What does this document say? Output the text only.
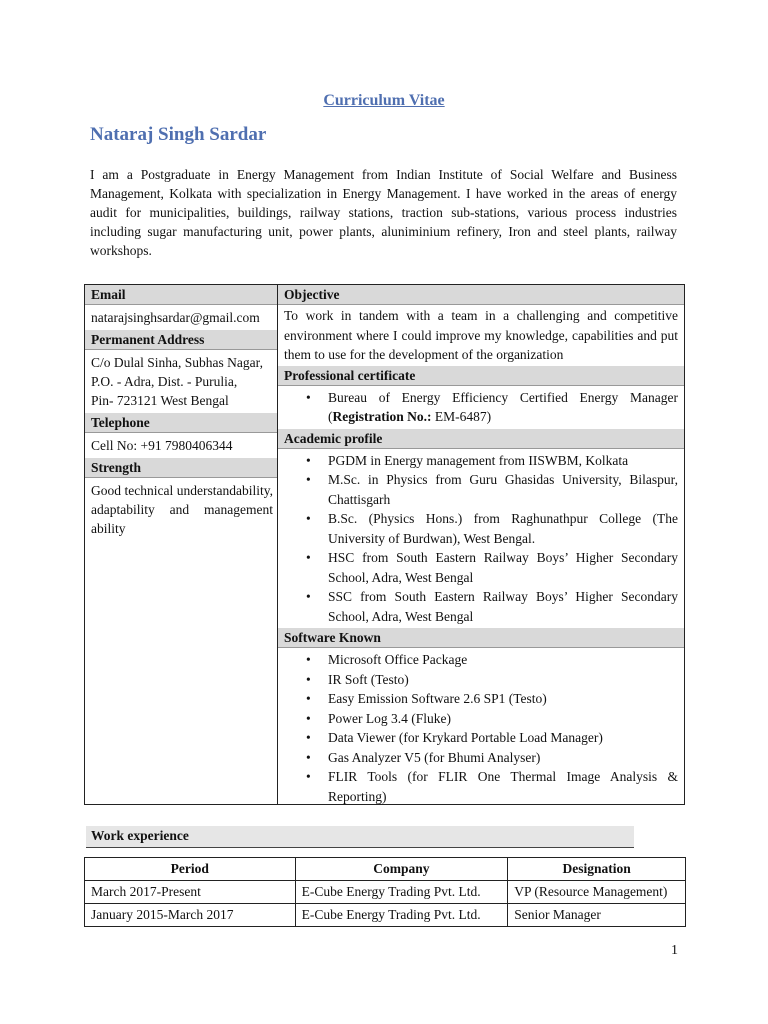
Curriculum Vitae
Nataraj Singh Sardar

I am a Postgraduate in Energy Management from Indian Institute of Social Welfare and Business Management, Kolkata with specialization in Energy Management. I have worked in the areas of energy audit for municipalities, buildings, railway stations, traction sub-stations, various process industries including sugar manufacturing unit, power plants, aluniminium refinery, Iron and steel plants, railway workshops.

Email
natarajsinghsardar@gmail.com
Permanent Address
C/o Dulal Sinha, Subhas Nagar,
P.O. - Adra, Dist. - Purulia,
Pin- 723121 West Bengal
Telephone
Cell No: +91 7980406344
Strength
Good technical understandability, adaptability and management ability
Objective
To work in tandem with a team in a challenging and competitive environment where I could improve my knowledge, capabilities and put them to use for the development of the organization
Professional certificate
• Bureau of Energy Efficiency Certified Energy Manager (Registration No.: EM-6487)
Academic profile
• PGDM in Energy management from IISWBM, Kolkata
• M.Sc. in Physics from Guru Ghasidas University, Bilaspur, Chattisgarh
• B.Sc. (Physics Hons.) from Raghunathpur College (The University of Burdwan), West Bengal.
• HSC from South Eastern Railway Boys’ Higher Secondary School, Adra, West Bengal
• SSC from South Eastern Railway Boys’ Higher Secondary School, Adra, West Bengal
Software Known
• Microsoft Office Package
• IR Soft (Testo)
• Easy Emission Software 2.6 SP1 (Testo)
• Power Log 3.4 (Fluke)
• Data Viewer (for Krykard Portable Load Manager)
• Gas Analyzer V5 (for Bhumi Analyser)
• FLIR Tools (for FLIR One Thermal Image Analysis & Reporting)
Work experience
Period	Company	Designation
March 2017-Present	E-Cube Energy Trading Pvt. Ltd.	VP (Resource Management)
January 2015-March 2017	E-Cube Energy Trading Pvt. Ltd.	Senior Manager
1
